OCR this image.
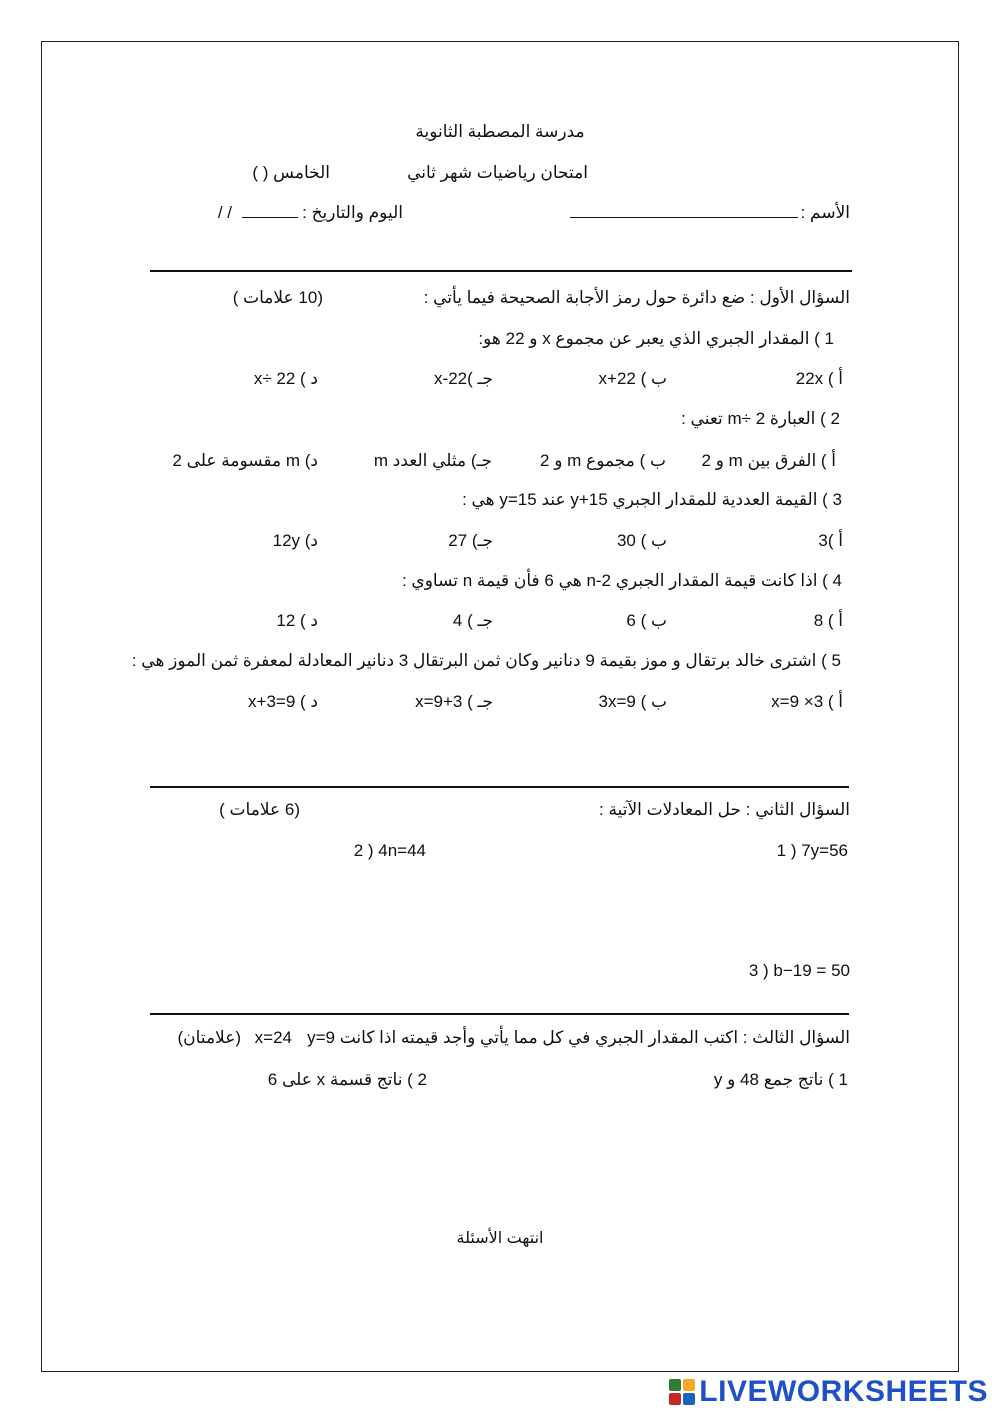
مدرسة المصطبة الثانوية
امتحان رياضيات شهر ثاني
الخامس ( )
الأسم :
اليوم والتاريخ :
/ /
السؤال الأول : ضع دائرة حول رمز الأجابة الصحيحة فيما يأتي :
(10 علامات )
1 ) المقدار الجبري الذي يعبر عن مجموع x و 22 هو:
أ ) 22x
ب ) x+22
جـ )x-22
د ) x÷ 22
2 ) العبارة m÷ 2 تعني :
أ ) الفرق بين m و 2
ب ) مجموع m و 2
جـ) مثلي العدد m
د) m مقسومة على 2
3 ) القيمة العددية للمقدار الجبري y+15 عند y=15 هي :
أ )3
ب ) 30
جـ) 27
د) 12y
4 ) اذا كانت قيمة المقدار الجبري n-2 هي 6 فأن قيمة n تساوي :
أ ) 8
ب ) 6
جـ ) 4
د ) 12
5 ) اشترى خالد برتقال و موز بقيمة 9 دنانير وكان ثمن البرتقال 3 دنانير المعادلة لمعفرة ثمن الموز هي :
أ ) 3× x=9
ب ) 3x=9
جـ ) 3+9=x
د ) x+3=9
السؤال الثاني : حل المعادلات الآتية :
(6 علامات )
1 ) 7y=56
2 ) 4n=44
3 ) b−19 = 50
السؤال الثالث : اكتب المقدار الجبري في كل مما يأتي وأجد قيمته اذا كانت y=9
x=24
(علامتان)
1 ) ناتج جمع 48 و y
2 ) ناتج قسمة x على 6
انتهت الأسئلة
LIVEWORKSHEETS
